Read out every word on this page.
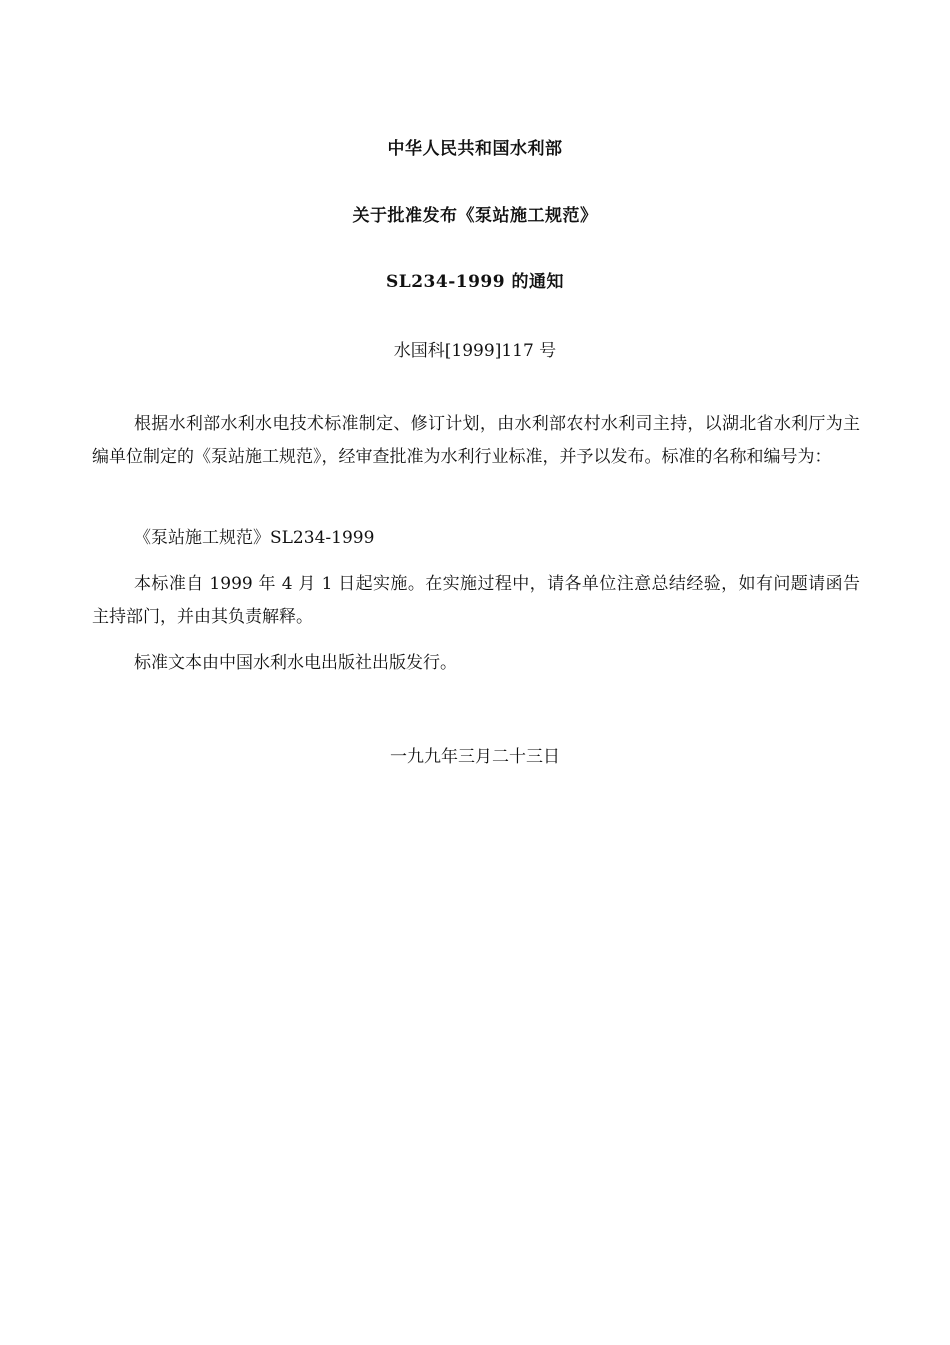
中华人民共和国水利部
关于批准发布《泵站施工规范》
SL234-1999 的通知
水国科[1999]117 号
根据水利部水利水电技术标准制定、修订计划，由水利部农村水利司主持，以湖北省水利厅为主编单位制定的《泵站施工规范》，经审查批准为水利行业标准，并予以发布。标准的名称和编号为：
《泵站施工规范》SL234-1999
本标准自 1999 年 4 月 1 日起实施。在实施过程中，请各单位注意总结经验，如有问题请函告主持部门，并由其负责解释。
标准文本由中国水利水电出版社出版发行。
一九九年三月二十三日
